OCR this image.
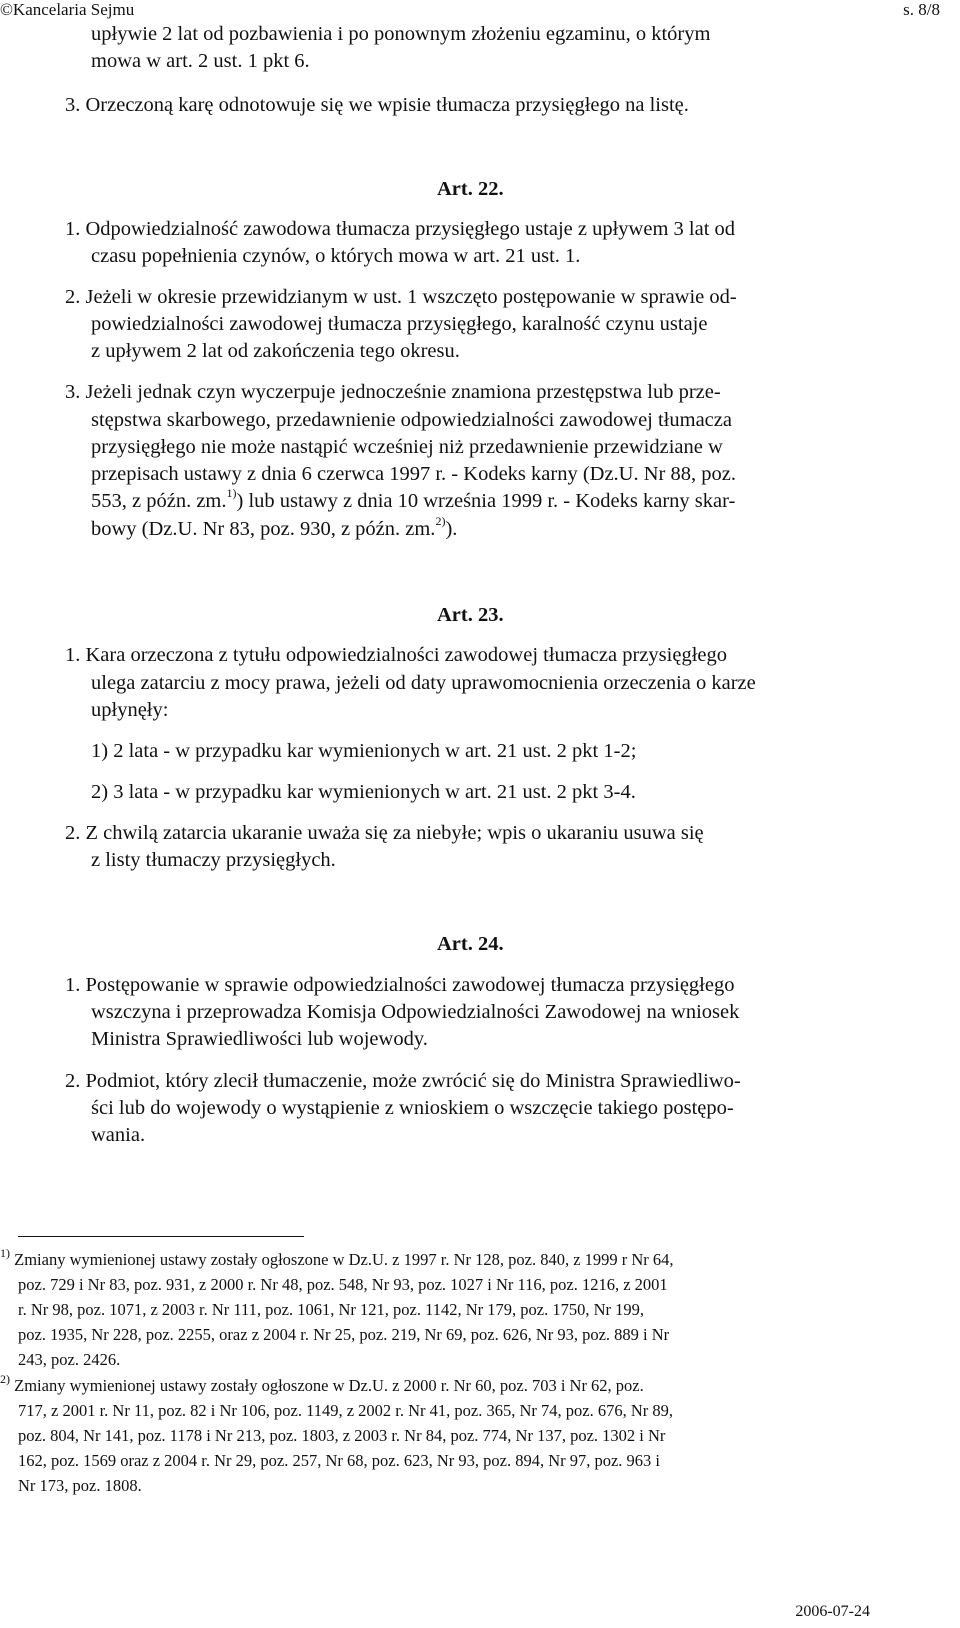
©Kancelaria Sejmu	s. 8/8
upływie 2 lat od pozbawienia i po ponownym złożeniu egzaminu, o którym
mowa w art. 2 ust. 1 pkt 6.
3. Orzeczoną karę odnotowuje się we wpisie tłumacza przysięgłego na listę.
Art. 22.
1. Odpowiedzialność zawodowa tłumacza przysięgłego ustaje z upływem 3 lat od
czasu popełnienia czynów, o których mowa w art. 21 ust. 1.
2. Jeżeli w okresie przewidzianym w ust. 1 wszczęto postępowanie w sprawie od-
powiedzialności zawodowej tłumacza przysięgłego, karalność czynu ustaje
z upływem 2 lat od zakończenia tego okresu.
3. Jeżeli jednak czyn wyczerpuje jednocześnie znamiona przestępstwa lub prze-
stępstwa skarbowego, przedawnienie odpowiedzialności zawodowej tłumacza
przysięgłego nie może nastąpić wcześniej niż przedawnienie przewidziane w
przepisach ustawy z dnia 6 czerwca 1997 r. - Kodeks karny (Dz.U. Nr 88, poz.
553, z późn. zm.$^{1)}$) lub ustawy z dnia 10 września 1999 r. - Kodeks karny skar-
bowy (Dz.U. Nr 83, poz. 930, z późn. zm.$^{2)}$).
Art. 23.
1. Kara orzeczona z tytułu odpowiedzialności zawodowej tłumacza przysięgłego
ulega zatarciu z mocy prawa, jeżeli od daty uprawomocnienia orzeczenia o karze
upłynęły:
1) 2 lata - w przypadku kar wymienionych w art. 21 ust. 2 pkt 1-2;
2) 3 lata - w przypadku kar wymienionych w art. 21 ust. 2 pkt 3-4.
2. Z chwilą zatarcia ukaranie uważa się za niebyłe; wpis o ukaraniu usuwa się
z listy tłumaczy przysięgłych.
Art. 24.
1. Postępowanie w sprawie odpowiedzialności zawodowej tłumacza przysięgłego
wszczyna i przeprowadza Komisja Odpowiedzialności Zawodowej na wniosek
Ministra Sprawiedliwości lub wojewody.
2. Podmiot, który zlecił tłumaczenie, może zwrócić się do Ministra Sprawiedliwo-
ści lub do wojewody o wystąpienie z wnioskiem o wszczęcie takiego postępo-
wania.
$^{1)}$ Zmiany wymienionej ustawy zostały ogłoszone w Dz.U. z 1997 r. Nr 128, poz. 840, z 1999 r Nr 64,
poz. 729 i Nr 83, poz. 931, z 2000 r. Nr 48, poz. 548, Nr 93, poz. 1027 i Nr 116, poz. 1216, z 2001
r. Nr 98, poz. 1071, z 2003 r. Nr 111, poz. 1061, Nr 121, poz. 1142, Nr 179, poz. 1750, Nr 199,
poz. 1935, Nr 228, poz. 2255, oraz z 2004 r. Nr 25, poz. 219, Nr 69, poz. 626, Nr 93, poz. 889 i Nr
243, poz. 2426.
$^{2)}$ Zmiany wymienionej ustawy zostały ogłoszone w Dz.U. z 2000 r. Nr 60, poz. 703 i Nr 62, poz.
717, z 2001 r. Nr 11, poz. 82 i Nr 106, poz. 1149, z 2002 r. Nr 41, poz. 365, Nr 74, poz. 676, Nr 89,
poz. 804, Nr 141, poz. 1178 i Nr 213, poz. 1803, z 2003 r. Nr 84, poz. 774, Nr 137, poz. 1302 i Nr
162, poz. 1569 oraz z 2004 r. Nr 29, poz. 257, Nr 68, poz. 623, Nr 93, poz. 894, Nr 97, poz. 963 i
Nr 173, poz. 1808.
2006-07-24
